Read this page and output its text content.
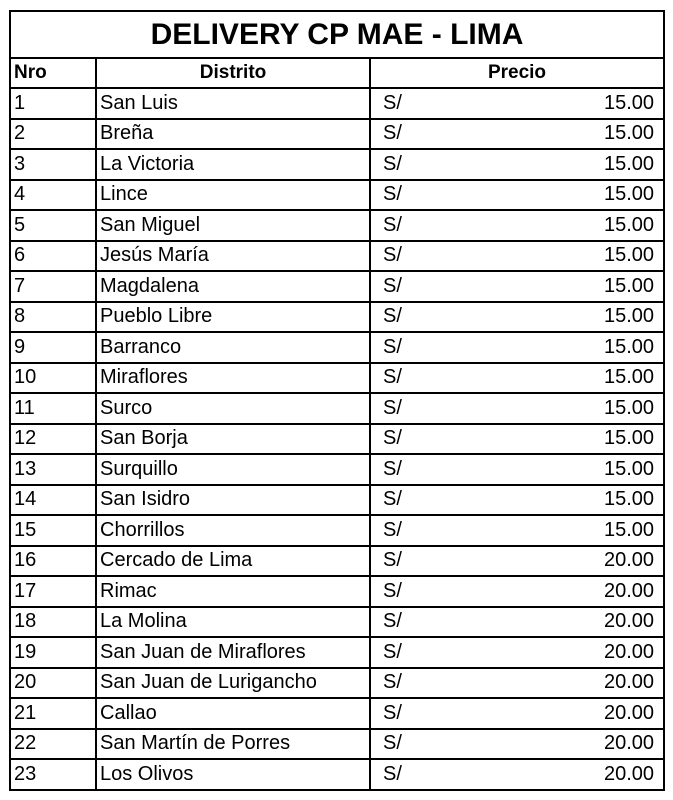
DELIVERY CP MAE - LIMA		
Nro	Distrito	Precio
1	San Luis	S/ 15.00

2	Breña	S/ 15.00

3	La Victoria	S/ 15.00

4	Lince	S/ 15.00

5	San Miguel	S/ 15.00

6	Jesús María	S/ 15.00

7	Magdalena	S/ 15.00

8	Pueblo Libre	S/ 15.00

9	Barranco	S/ 15.00

10	Miraflores	S/ 15.00

11	Surco	S/ 15.00

12	San Borja	S/ 15.00

13	Surquillo	S/ 15.00

14	San Isidro	S/ 15.00

15	Chorrillos	S/ 15.00

16	Cercado de Lima	S/ 20.00

17	Rimac	S/ 20.00

18	La Molina	S/ 20.00

19	San Juan de Miraflores	S/ 20.00

20	San Juan de Lurigancho	S/ 20.00

21	Callao	S/ 20.00

22	San Martín de Porres	S/ 20.00

23	Los Olivos	S/ 20.00
